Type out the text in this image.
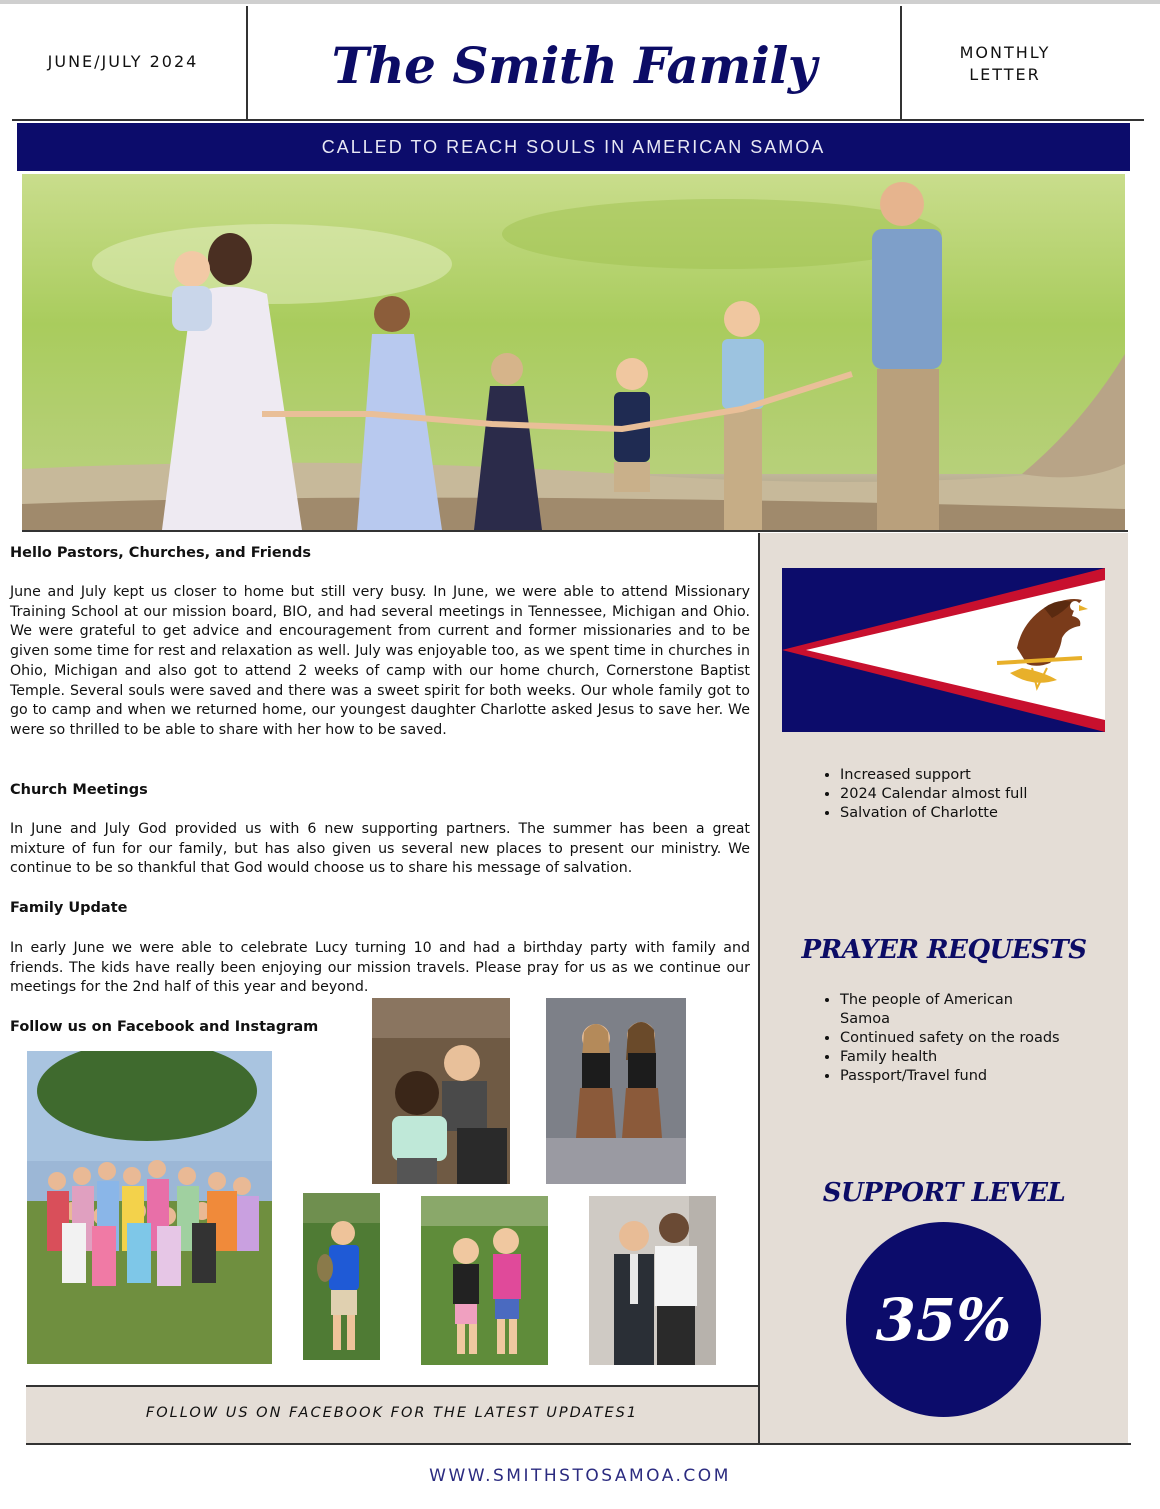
JUNE/JULY 2024	The Smith Family	MONTHLY
LETTER
CALLED TO REACH SOULS IN AMERICAN SAMOA
Hello Pastors, Churches, and Friends
June and July kept us closer to home but still very busy. In June, we were able to attend Missionary Training School at our mission board, BIO, and had several meetings in Tennessee, Michigan and Ohio. We were grateful to get advice and encouragement from current and former missionaries and to be given some time for rest and relaxation as well. July was enjoyable too, as we spent time in churches in Ohio, Michigan and also got to attend 2 weeks of camp with our home church, Cornerstone Baptist Temple. Several souls were saved and there was a sweet spirit for both weeks. Our whole family got to go to camp and when we returned home, our youngest daughter Charlotte asked Jesus to save her. We were so thrilled to be able to share with her how to be saved.
Church Meetings
In June and July God provided us with 6 new supporting partners. The summer has been a great mixture of fun for our family, but has also given us several new places to present our ministry. We continue to be so thankful that God would choose us to share his message of salvation.
Family Update
In early June we were able to celebrate Lucy turning 10 and had a birthday party with family and friends. The kids have really been enjoying our mission travels. Please pray for us as we continue our meetings for the 2nd half of this year and beyond.
Follow us on Facebook and Instagram
• Increased support
• 2024 Calendar almost full
• Salvation of Charlotte
PRAYER REQUESTS
• The people of American Samoa
• Continued safety on the roads
• Family health
• Passport/Travel fund
SUPPORT LEVEL
35%
FOLLOW US ON FACEBOOK FOR THE LATEST UPDATES1
WWW.SMITHSTOSAMOA.COM
